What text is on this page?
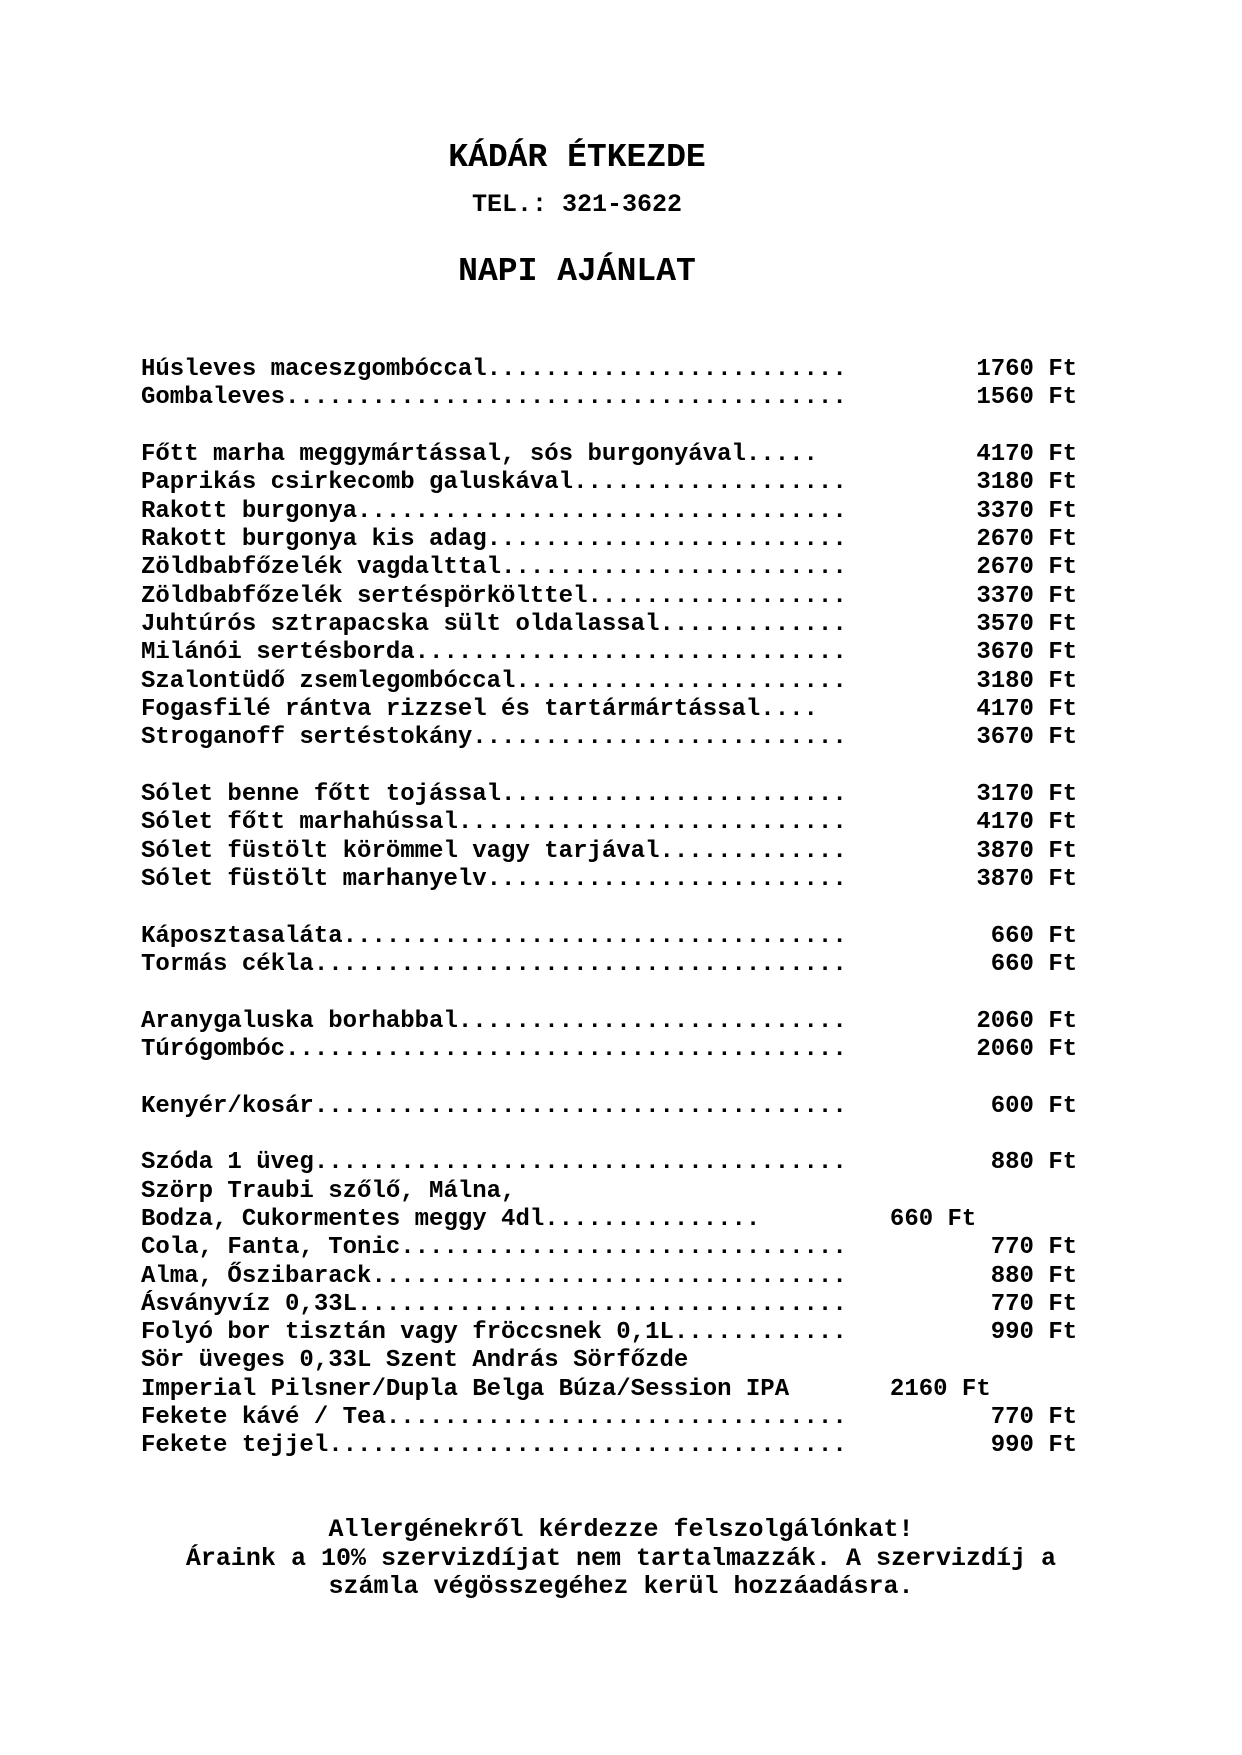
KÁDÁR ÉTKEZDE
TEL.: 321-3622
NAPI AJÁNLAT
Húsleves maceszgombóccal.........................         1760 Ft
Gombaleves.......................................         1560 Ft

Főtt marha meggymártással, sós burgonyával.....           4170 Ft
Paprikás csirkecomb galuskával...................         3180 Ft
Rakott burgonya..................................         3370 Ft
Rakott burgonya kis adag.........................         2670 Ft
Zöldbabfőzelék vagdalttal........................         2670 Ft
Zöldbabfőzelék sertéspörkölttel..................         3370 Ft
Juhtúrós sztrapacska sült oldalassal.............         3570 Ft
Milánói sertésborda..............................         3670 Ft
Szalontüdő zsemlegombóccal.......................         3180 Ft
Fogasfilé rántva rizzsel és tartármártással....           4170 Ft
Stroganoff sertéstokány..........................         3670 Ft

Sólet benne főtt tojással........................         3170 Ft
Sólet főtt marhahússal...........................         4170 Ft
Sólet füstölt körömmel vagy tarjával.............         3870 Ft
Sólet füstölt marhanyelv.........................         3870 Ft

Káposztasaláta...................................          660 Ft
Tormás cékla.....................................          660 Ft

Aranygaluska borhabbal...........................         2060 Ft
Túrógombóc.......................................         2060 Ft

Kenyér/kosár.....................................          600 Ft

Szóda 1 üveg.....................................          880 Ft
Szörp Traubi szőlő, Málna,
Bodza, Cukormentes meggy 4dl...............         660 Ft
Cola, Fanta, Tonic...............................          770 Ft
Alma, Őszibarack.................................          880 Ft
Ásványvíz 0,33L..................................          770 Ft
Folyó bor tisztán vagy fröccsnek 0,1L............          990 Ft
Sör üveges 0,33L Szent András Sörfőzde
Imperial Pilsner/Dupla Belga Búza/Session IPA       2160 Ft
Fekete kávé / Tea................................          770 Ft
Fekete tejjel....................................          990 Ft
Allergénekről kérdezze felszolgálónkat!
Áraink a 10% szervizdíjat nem tartalmazzák. A szervizdíj a
számla végösszegéhez kerül hozzáadásra.
